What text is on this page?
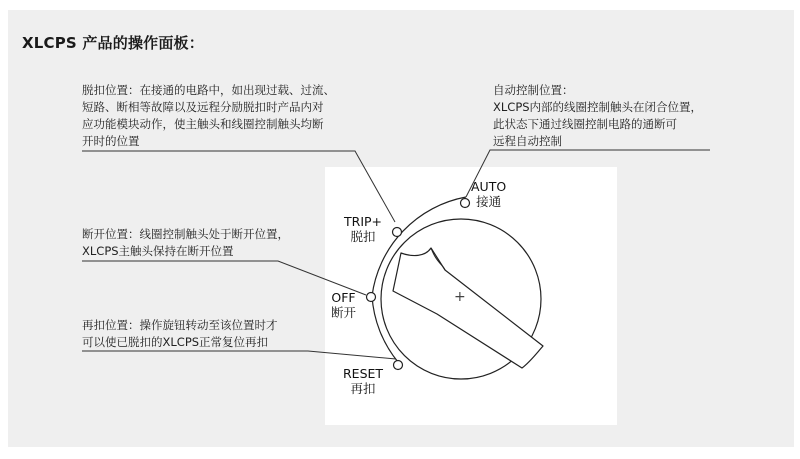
XLCPS 产品的操作面板：
脱扣位置：在接通的电路中，如出现过载、过流、
短路、断相等故障以及远程分励脱扣时产品内对
应功能模块动作，使主触头和线圈控制触头均断
开时的位置
自动控制位置：
XLCPS内部的线圈控制触头在闭合位置，
此状态下通过线圈控制电路的通断可
远程自动控制
断开位置：线圈控制触头处于断开位置，
XLCPS主触头保持在断开位置
再扣位置：操作旋钮转动至该位置时才
可以使已脱扣的XLCPS正常复位再扣
+
AUTO
接通
TRIP+
脱扣
OFF
断开
RESET
再扣
